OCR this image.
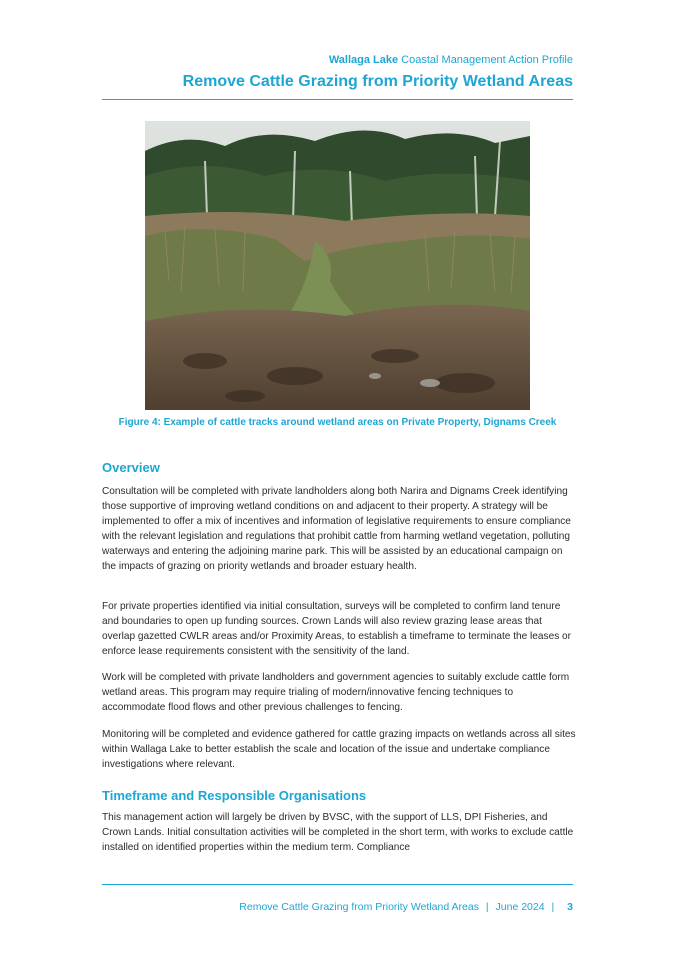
Wallaga Lake Coastal Management Action Profile
Remove Cattle Grazing from Priority Wetland Areas
Figure 4: Example of cattle tracks around wetland areas on Private Property, Dignams Creek
Overview

Consultation will be completed with private landholders along both Narira and Dignams Creek identifying those supportive of improving wetland conditions on and adjacent to their property. A strategy will be implemented to offer a mix of incentives and information of legislative requirements to ensure compliance with the relevant legislation and regulations that prohibit cattle from harming wetland vegetation, polluting waterways and entering the adjoining marine park. This will be assisted by an educational campaign on the impacts of grazing on priority wetlands and broader estuary health.

For private properties identified via initial consultation, surveys will be completed to confirm land tenure and boundaries to open up funding sources. Crown Lands will also review grazing lease areas that overlap gazetted CWLR areas and/or Proximity Areas, to establish a timeframe to terminate the leases or enforce lease requirements consistent with the sensitivity of the land.

Work will be completed with private landholders and government agencies to suitably exclude cattle form wetland areas. This program may require trialing of modern/innovative fencing techniques to accommodate flood flows and other previous challenges to fencing.

Monitoring will be completed and evidence gathered for cattle grazing impacts on wetlands across all sites within Wallaga Lake to better establish the scale and location of the issue and undertake compliance investigations where relevant.

Timeframe and Responsible Organisations

This management action will largely be driven by BVSC, with the support of LLS, DPI Fisheries, and Crown Lands. Initial consultation activities will be completed in the short term, with works to exclude cattle installed on identified properties within the medium term. Compliance

Remove Cattle Grazing from Priority Wetland Areas | June 2024 | 3
